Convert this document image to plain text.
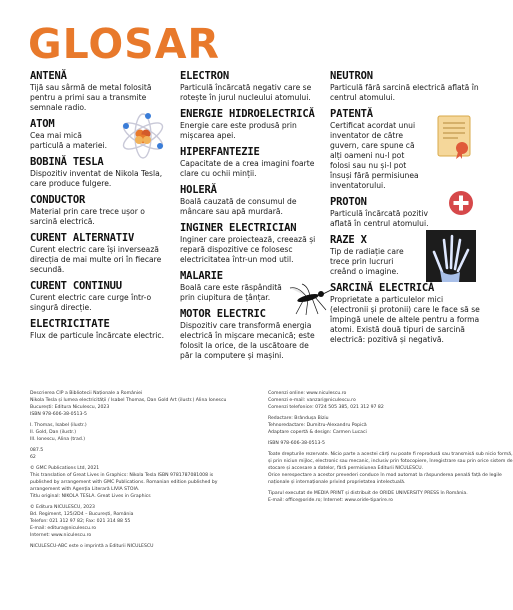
GLOSAR
ANTENĂ
Tijă sau sârmă de metal folosită pentru a primi sau a transmite semnale radio.
ATOM
Cea mai mică particulă a materiei.
BOBINĂ TESLA
Dispozitiv inventat de Nikola Tesla, care produce fulgere.
CONDUCTOR
Material prin care trece ușor o sarcină electrică.
CURENT ALTERNATIV
Curent electric care își inversează direcția de mai multe ori în fiecare secundă.
CURENT CONTINUU
Curent electric care curge într-o singură direcție.
ELECTRICITATE
Flux de particule încărcate electric.
ELECTRON
Particulă încărcată negativ care se rotește în jurul nucleului atomului.
ENERGIE HIDROELECTRICĂ
Energie care este produsă prin mișcarea apei.
HIPERFANTEZIE
Capacitate de a crea imagini foarte clare cu ochii minții.
HOLERĂ
Boală cauzată de consumul de mâncare sau apă murdară.
INGINER ELECTRICIAN
Inginer care proiectează, creează și repară dispozitive ce folosesc electricitatea într-un mod util.
MALARIE
Boală care este răspândită prin ciupitura de țânțar.
MOTOR ELECTRIC
Dispozitiv care transformă energia electrică în mișcare mecanică; este folosit la orice, de la uscătoare de păr la computere și mașini.
NEUTRON
Particulă fără sarcină electrică aflată în centrul atomului.
PATENTĂ
Certificat acordat unui inventator de către guvern, care spune că alți oameni nu-l pot folosi sau nu și-l pot însuși fără permisiunea inventatorului.
PROTON
Particulă încărcată pozitiv aflată în centrul atomului.
RAZE X
Tip de radiație care trece prin lucruri creând o imagine.
SARCINĂ ELECTRICĂ
Proprietate a particulelor mici (electronii și protonii) care le face să se împingă unele de altele pentru a forma atomi. Există două tipuri de sarcină electrică: pozitivă și negativă.
Descrierea CIP a Bibliotecii Naționale a României
Nikola Tesla și lumea electricității / Isabel Thomas, Dan Gold Art (ilustr.) Alina Ionescu
București: Editura Niculescu, 2023
ISBN 978-606-38-0513-5
I. Thomas, Isabel (ilustr.)
II. Gold, Dan (ilustr.)
III. Ionescu, Alina (trad.)
087.5
62
© GMC Publications Ltd, 2021
This translation of Great Lives in Graphics: Nikola Tesla ISBN 9781787081008 is
published by arrangement with GMC Publications. Romanian edition published by
arrangement with Agenția Literară LIVIA STOIA.
Titlu original: NIKOLA TESLA. Great Lives in Graphics
© Editura NICULESCU, 2023
Bd. Regiment, 125/2D4 – București, România
Telefon: 021 312 97 82; Fax: 021 314 88 55
E-mail: editura@niculescu.ro
Internet: www.niculescu.ro
NICULESCU-ABC este o imprintă a Editurii NICULESCU
Comenzi online: www.niculescu.ro
Comenzi e-mail: vanzari@niculescu.ro
Comenzi telefonice: 0724 505 385, 021 312 97 82
Redactare: Brândușa Biziu
Tehnoredactare: Dumitru-Alexandru Popică
Adaptare copertă & design: Carmen Lucaci
ISBN 978-606-38-0513-5
Toate drepturile rezervate. Nicio parte a acestei cărți nu poate fi reprodusă sau transmisă sub nicio formă,
și prin niciun mijloc, electronic sau mecanic, inclusiv prin fotocopiere, înregistrare sau prin orice sistem de
stocare și accesare a datelor, fără permisiunea Editurii NICULESCU.
Orice nerespectare a acestor prevederi conduce în mod automat la răspunderea penală față de legile
naționale și internaționale privind proprietatea intelectuală.
Tiparul executat de MEDIA PRINT și distribuit de ORIDE UNIVERSITY PRESS în România.
E-mail: office@oride.ro; Internet: www.oride-tiparire.ro
